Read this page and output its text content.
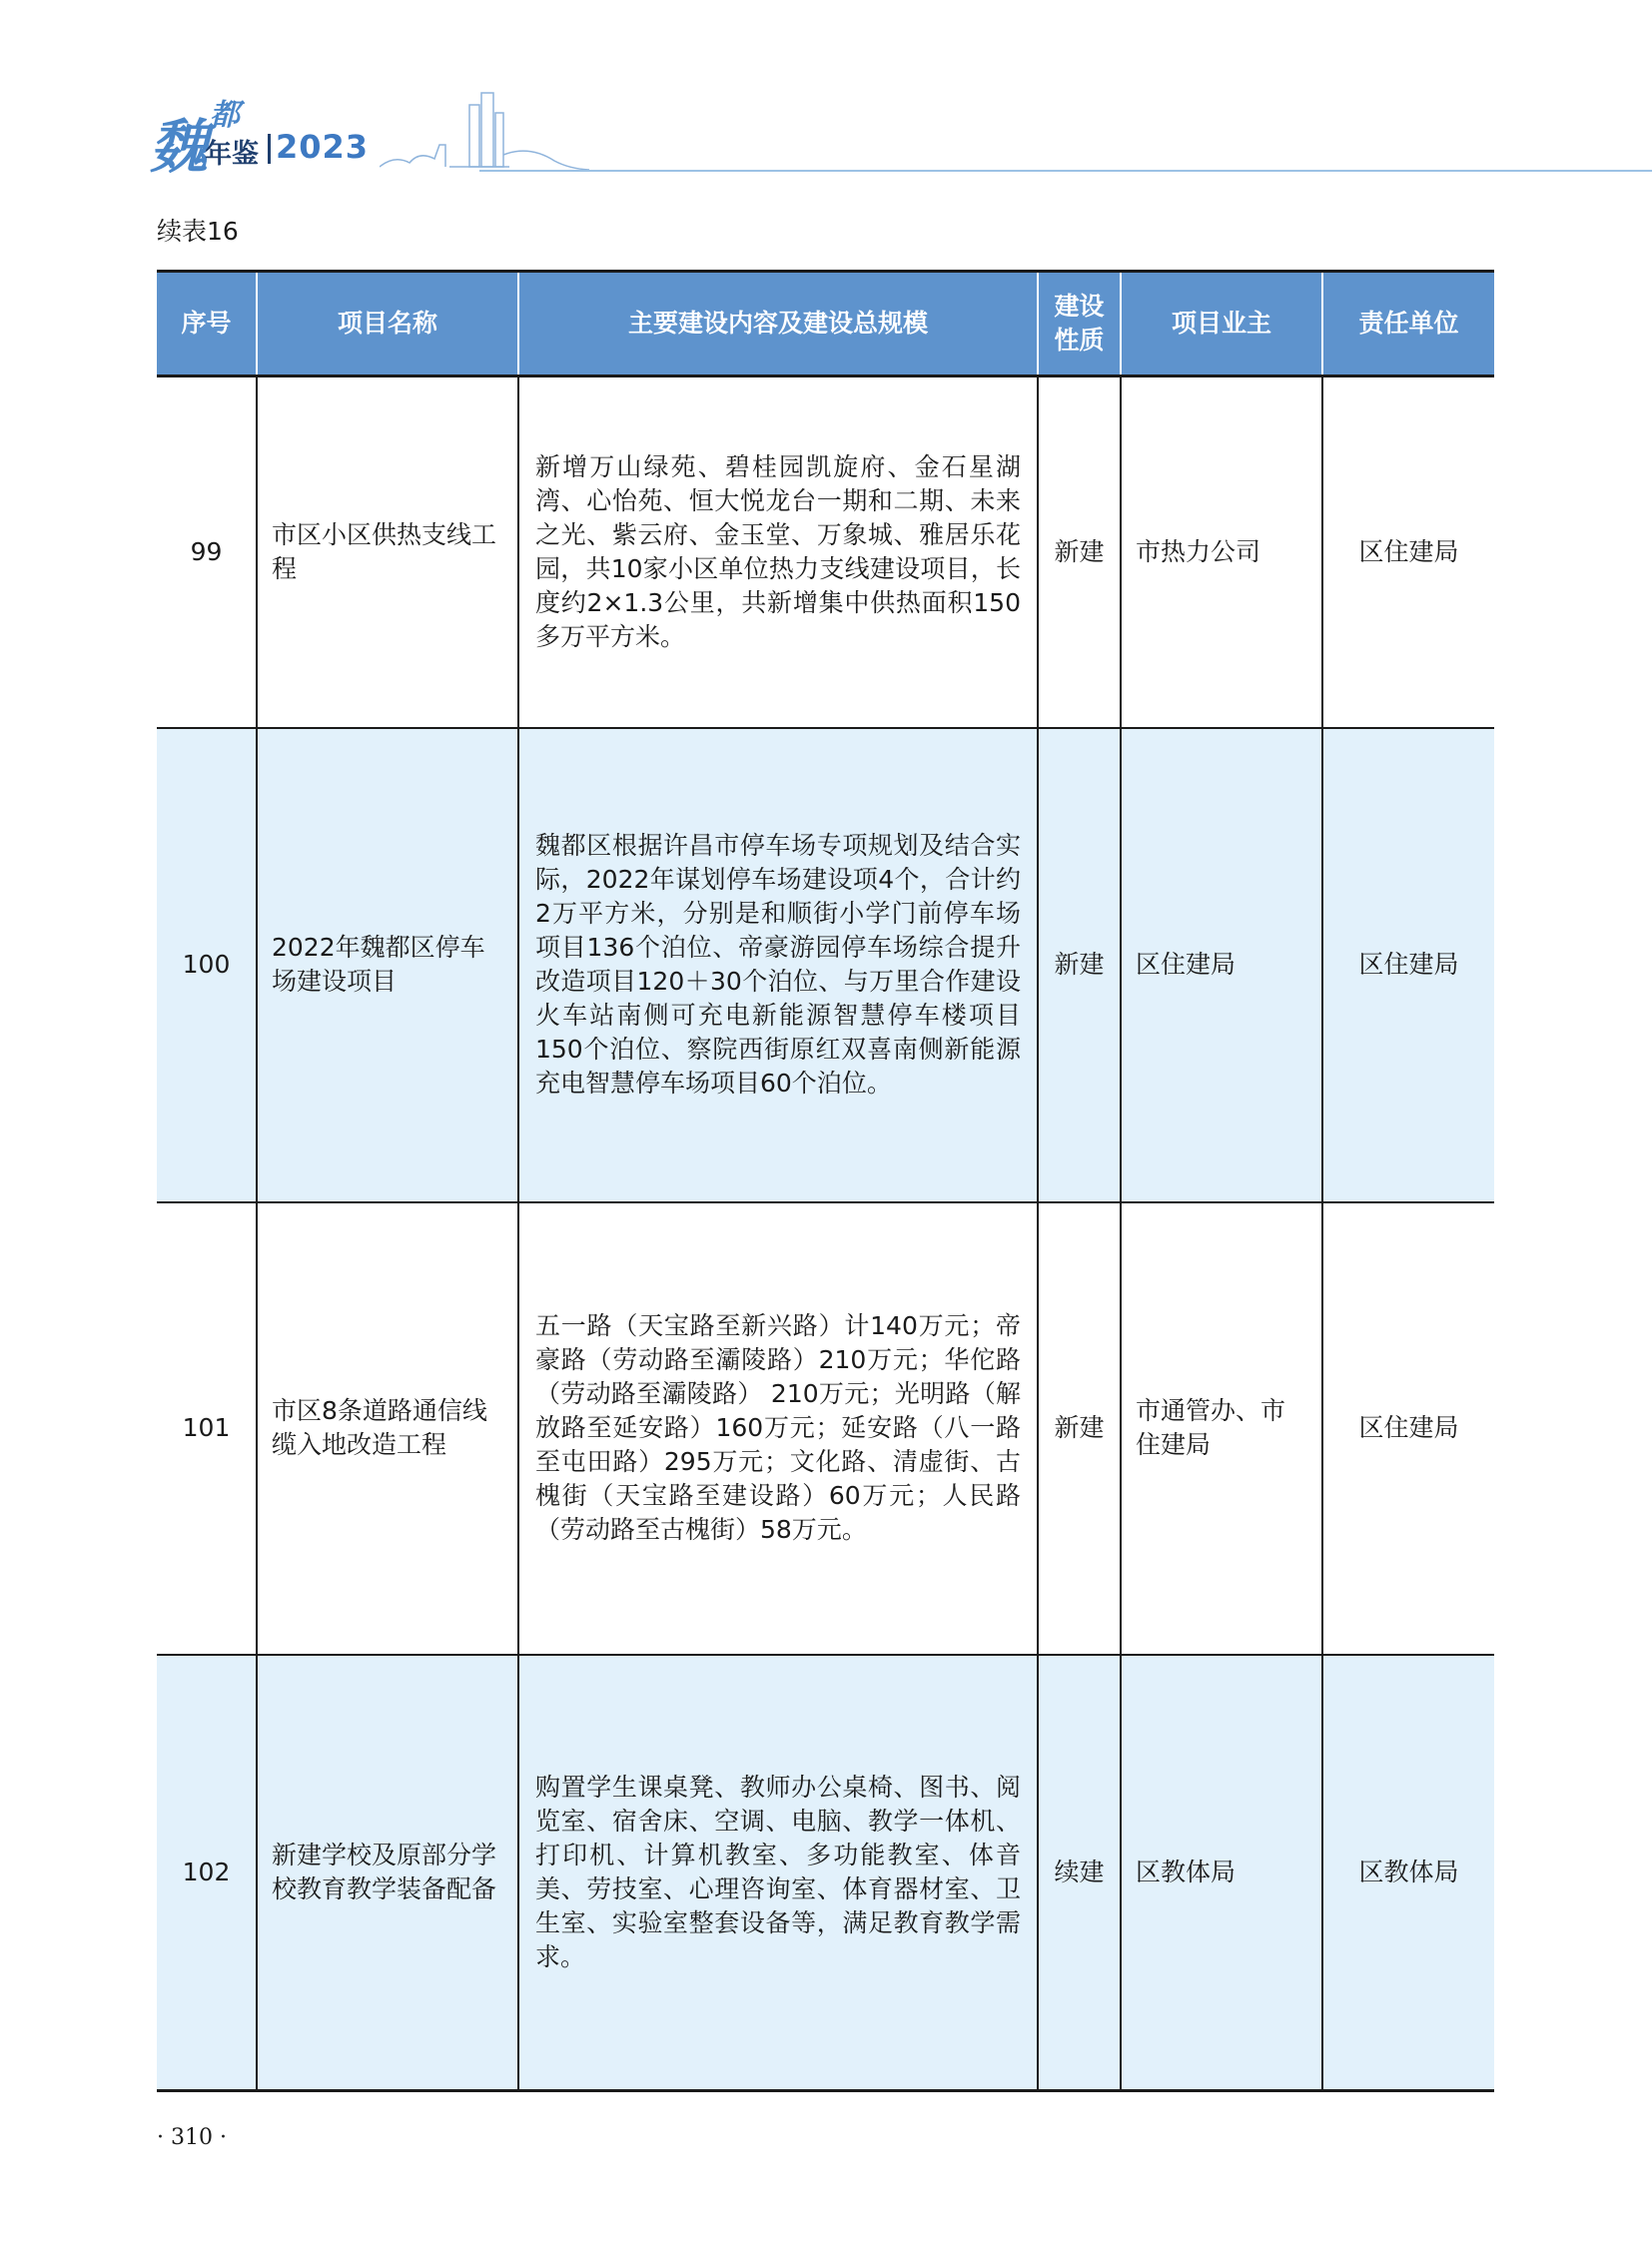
魏 都
年鉴 2023
续表16
序号	项目名称	主要建设内容及建设总规模	建设性质	项目业主	责任单位
99	市区小区供热支线工程	新增万山绿苑、碧桂园凯旋府、金石星湖湾、心怡苑、恒大悦龙台一期和二期、未来之光、紫云府、金玉堂、万象城、雅居乐花园，共10家小区单位热力支线建设项目，长度约2×1.3公里，共新增集中供热面积150多万平方米。	新建	市热力公司	区住建局
100	2022年魏都区停车场建设项目	魏都区根据许昌市停车场专项规划及结合实际，2022年谋划停车场建设项4个，合计约2万平方米，分别是和顺街小学门前停车场项目136个泊位、帝豪游园停车场综合提升改造项目120＋30个泊位、与万里合作建设火车站南侧可充电新能源智慧停车楼项目150个泊位、察院西街原红双喜南侧新能源充电智慧停车场项目60个泊位。	新建	区住建局	区住建局
101	市区8条道路通信线缆入地改造工程	五一路（天宝路至新兴路）计140万元；帝豪路（劳动路至灞陵路）210万元；华佗路（劳动路至灞陵路） 210万元；光明路（解放路至延安路）160万元；延安路（八一路至屯田路）295万元；文化路、清虚街、古槐街（天宝路至建设路）60万元；人民路（劳动路至古槐街）58万元。	新建	市通管办、市住建局	区住建局
102	新建学校及原部分学校教育教学装备配备	购置学生课桌凳、教师办公桌椅、图书、阅览室、宿舍床、空调、电脑、教学一体机、打印机、计算机教室、多功能教室、体音美、劳技室、心理咨询室、体育器材室、卫生室、实验室整套设备等，满足教育教学需求。	续建	区教体局	区教体局
· 310 ·
